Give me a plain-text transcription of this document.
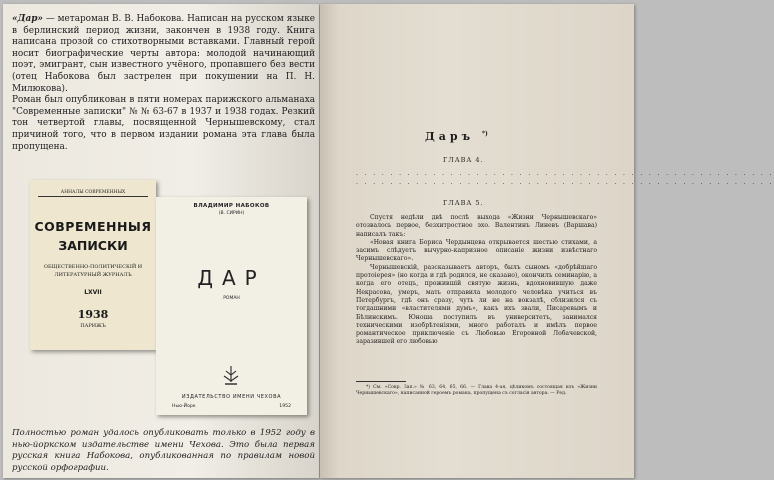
«Дар» — метароман В. В. Набокова. Написан на русском языке в берлинский период жизни, закончен в 1938 году. Книга написана прозой со стихотворными вставками. Главный герой носит биографические черты автора: молодой начинающий поэт, эмигрант, сын известного учёного, пропавшего без вести (отец Набокова был застрелен при покушении на П. Н. Милюкова).

Роман был опубликован в пяти номерах парижского альманаха "Современные записки" № № 63-67 в 1937 и 1938 годах. Резкий тон четвертой главы, посвященной Чернышевскому, стал причиной того, что в первом издании романа эта глава была пропущена.

АННАЛЫ СОВРЕМЕННЫХ
СОВРЕМЕННЫЯ
ЗАПИСКИ
ОБЩЕСТВЕННО-ПОЛИТИЧЕСКІЙ И ЛИТЕРАТУРНЫЙ ЖУРНАЛЪ
LXVII
1938
ПАРИЖЪ
ВЛАДИМИР НАБОКОВ
(В. СИРИН)
ДАР
РОМАН
ИЗДАТЕЛЬСТВО ИМЕНИ ЧЕХОВА
Нью-Йорк	1952
Полностью роман удалось опубликовать только в 1952 году в нью-йоркском издательстве имени Чехова. Это была первая русская книга Набокова, опубликованная по правилам новой русской орфографии.
Даръ *)
ГЛАВА 4.
. . . . . . . . . . . . . . . . . . . . . . . . . . . . . . . . . . . . . . . . . . . . . . . . .
. . . . . . . . . . . . . . . . . . . . . . . . . . . . . . . . . . . . . . . . . . . . . . . . .
ГЛАВА 5.

Спустя недѣли двѣ послѣ выхода «Жизни Чернышевскаго» отозвалось первое, безхитростное эхо. Валентинъ Линевъ (Варшава) написалъ такъ:

«Новая книга Бориса Чердынцева открывается шестью стихами, а засимъ слѣдуетъ вычурно-капризное описаніе жизни извѣстнаго Чернышевскаго».

Чернышевскій, разсказываетъ авторъ, былъ сыномъ «добрѣйшаго протоіерея» (но когда и гдѣ родился, не сказано), окончилъ семинарію, а когда его отецъ, прожившій святую жизнь, вдохновившую даже Некрасова, умеръ, мать отправила молодого человѣка учиться въ Петербургъ, гдѣ онъ сразу, чуть ли не на вокзалѣ, сблизился съ тогдашними «властителями думъ», какъ ихъ звали, Писаревымъ и Бѣлинскимъ. Юноша поступилъ въ университетъ, занимался техническими изобрѣтеніями, много работалъ и имѣлъ первое романтическое приключеніе съ Любовью Егоровной Лобачевской, заразившей его любовью

*) См. «Совр. Зап.» № 63, 64, 65, 66. — Глава 4-ая, цѣликомъ состоящая изъ «Жизни Чернышевскаго», написанной героемъ романа, пропущена съ согласія автора. — Ред.
